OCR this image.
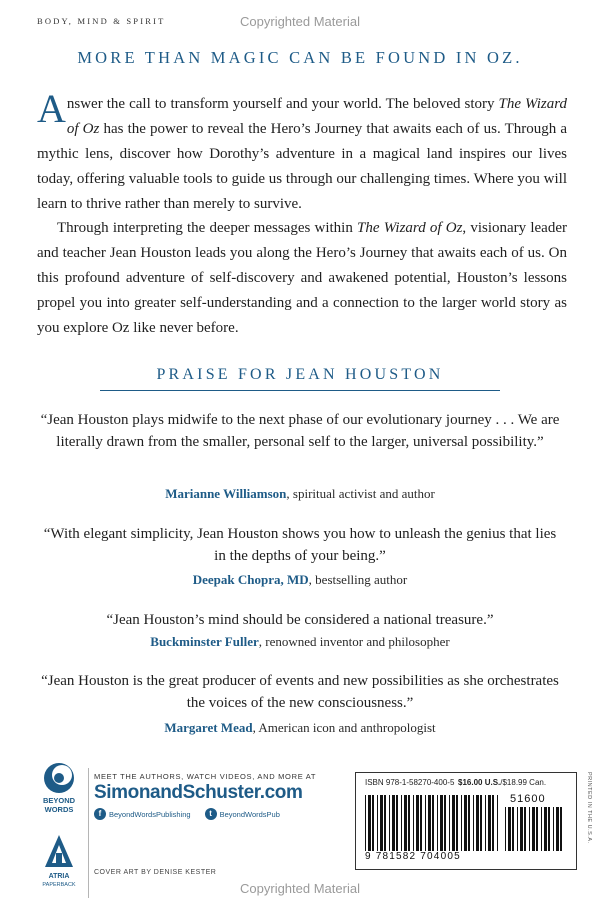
BODY, MIND & SPIRIT	Copyrighted Material
MORE THAN MAGIC CAN BE FOUND IN OZ.

Answer the call to transform yourself and your world. The beloved story The Wizard of Oz has the power to reveal the Hero’s Journey that awaits each of us. Through a mythic lens, discover how Dorothy’s adventure in a magical land inspires our lives today, offering valuable tools to guide us through our challenging times. Where you will learn to thrive rather than merely to survive.

Through interpreting the deeper messages within The Wizard of Oz, visionary leader and teacher Jean Houston leads you along the Hero’s Journey that awaits each of us. On this profound adventure of self-discovery and awakened potential, Houston’s lessons propel you into greater self-understanding and a connection to the larger world story as you explore Oz like never before.

PRAISE FOR JEAN HOUSTON
“Jean Houston plays midwife to the next phase of our evolutionary journey . . . We are literally drawn from the smaller, personal self to the larger, universal possibility.”
Marianne Williamson, spiritual activist and author
“With elegant simplicity, Jean Houston shows you how to unleash the genius that lies in the depths of your being.”
Deepak Chopra, MD, bestselling author
“Jean Houston’s mind should be considered a national treasure.”
Buckminster Fuller, renowned inventor and philosopher
“Jean Houston is the great producer of events and new possibilities as she orchestrates the voices of the new consciousness.”
Margaret Mead, American icon and anthropologist
BEYOND
WORDS
ATRIA
PAPERBACK
MEET THE AUTHORS, WATCH VIDEOS, AND MORE AT
SimonandSchuster.com
f	BeyondWordsPublishing	t	BeyondWordsPub
COVER ART BY DENISE KESTER
ISBN 978-1-58270-400-5 $16.00 U.S./$18.99 Can.
51600
9 781582 704005
PRINTED IN THE U.S.A.
Copyrighted Material
